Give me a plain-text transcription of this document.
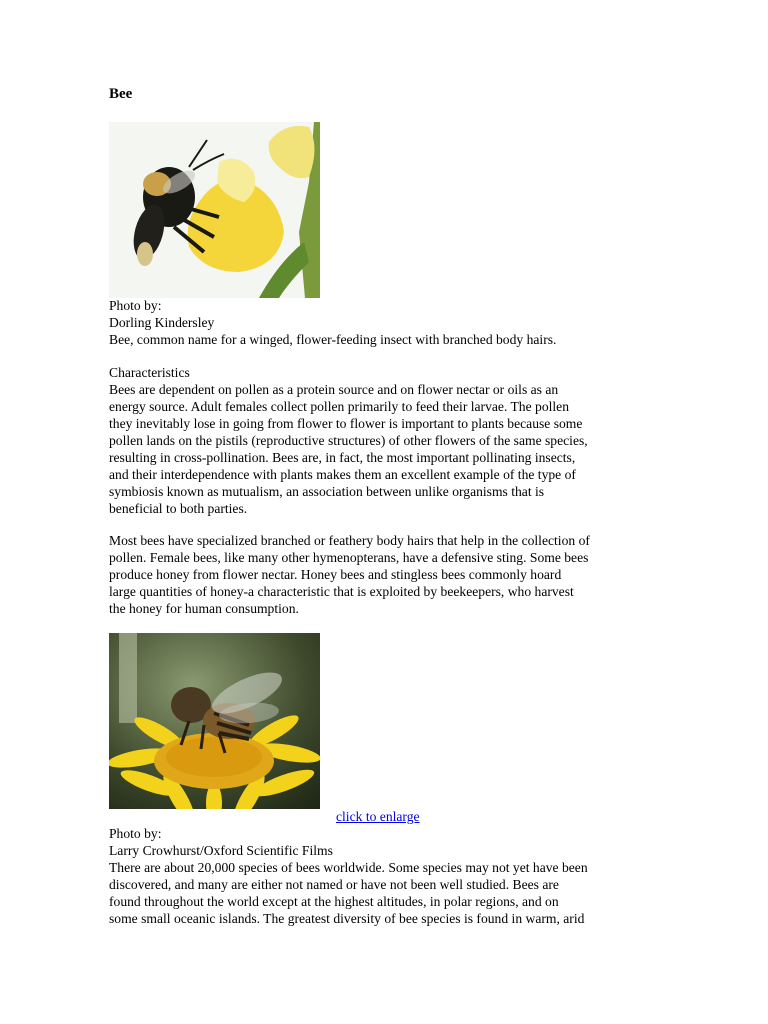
Bee

Photo by:

Dorling Kindersley

Bee, common name for a winged, flower-feeding insect with branched body hairs.

Characteristics

Bees are dependent on pollen as a protein source and on flower nectar or oils as an

energy source. Adult females collect pollen primarily to feed their larvae. The pollen

they inevitably lose in going from flower to flower is important to plants because some

pollen lands on the pistils (reproductive structures) of other flowers of the same species,

resulting in cross-pollination. Bees are, in fact, the most important pollinating insects,

and their interdependence with plants makes them an excellent example of the type of

symbiosis known as mutualism, an association between unlike organisms that is

beneficial to both parties.

Most bees have specialized branched or feathery body hairs that help in the collection of

pollen. Female bees, like many other hymenopterans, have a defensive sting. Some bees

produce honey from flower nectar. Honey bees and stingless bees commonly hoard

large quantities of honey-a characteristic that is exploited by beekeepers, who harvest

the honey for human consumption.

click to enlarge

Photo by:

Larry Crowhurst/Oxford Scientific Films

There are about 20,000 species of bees worldwide. Some species may not yet have been

discovered, and many are either not named or have not been well studied. Bees are

found throughout the world except at the highest altitudes, in polar regions, and on

some small oceanic islands. The greatest diversity of bee species is found in warm, arid
